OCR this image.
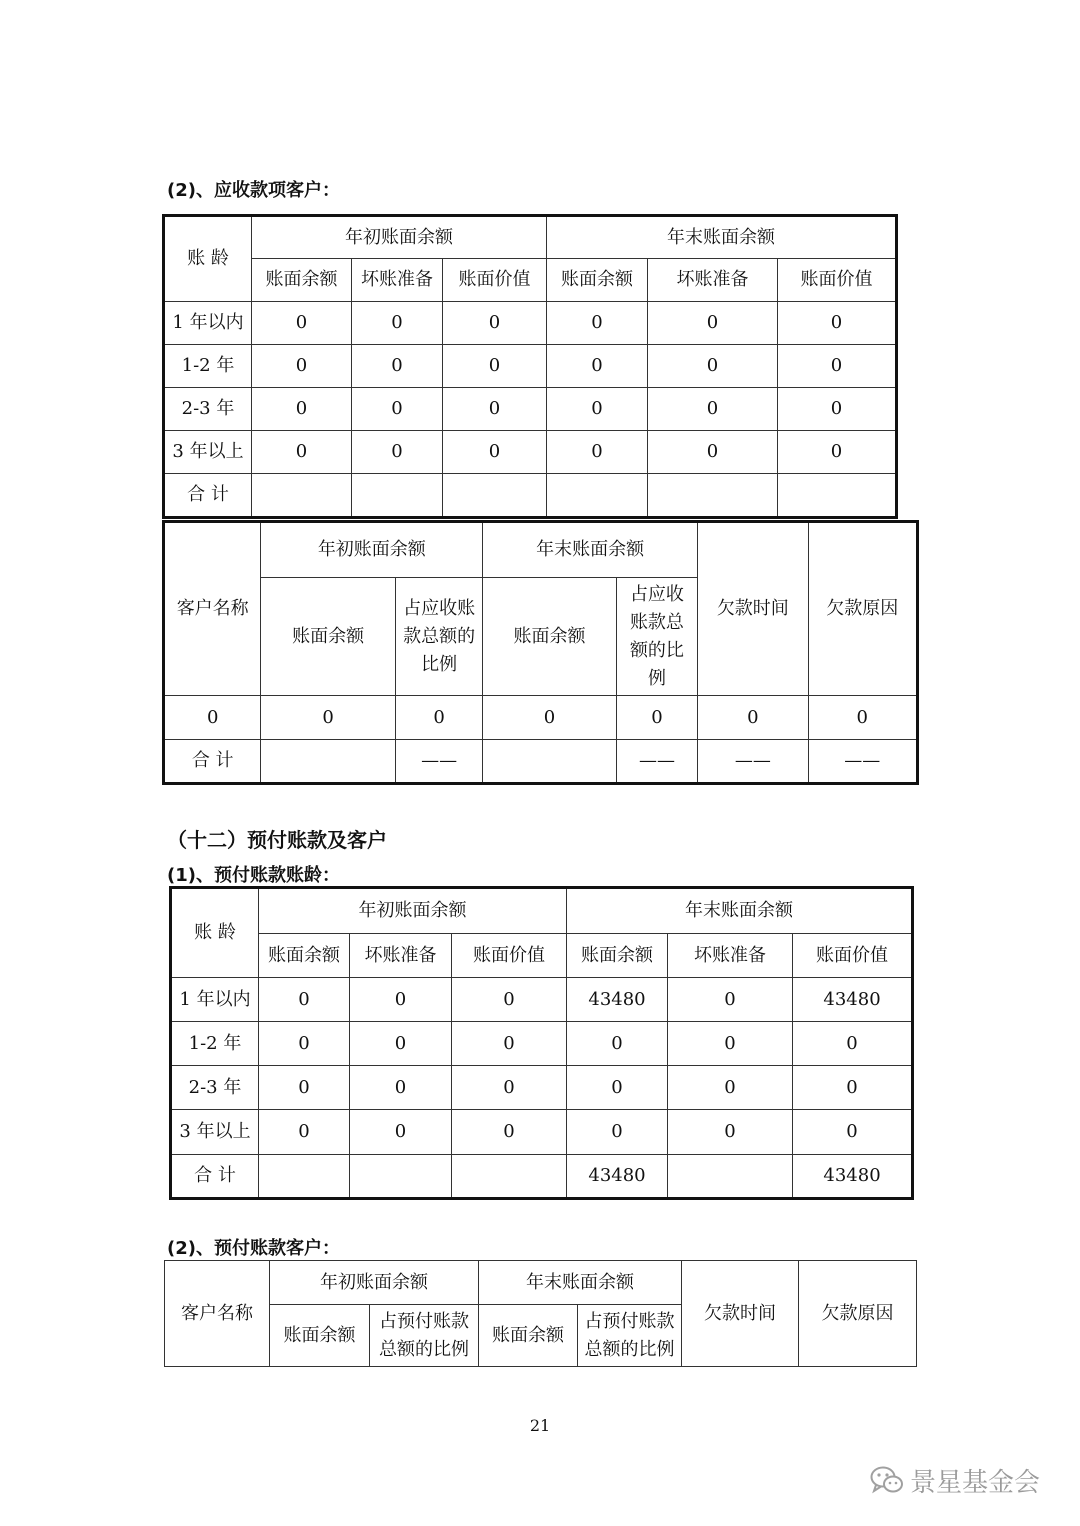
(2)、应收款项客户：
账 龄	年初账面余额			年末账面余额		
	账面余额	坏账准备	账面价值	账面余额	坏账准备	账面价值
1 年以内	0	0	0	0	0	0
1-2 年	0	0	0	0	0	0
2-3 年	0	0	0	0	0	0
3 年以上	0	0	0	0	0	0
合 计						
客户名称	年初账面余额		年末账面余额		欠款时间	欠款原因
	账面余额	占应收账款总额的比例	账面余额	占应收账款总额的比例		
0	0	0	0	0	0	0
合 计		——		——	——	——
（十二）预付账款及客户
(1)、预付账款账龄：
账 龄	年初账面余额			年末账面余额		
	账面余额	坏账准备	账面价值	账面余额	坏账准备	账面价值
1 年以内	0	0	0	43480	0	43480
1-2 年	0	0	0	0	0	0
2-3 年	0	0	0	0	0	0
3 年以上	0	0	0	0	0	0
合 计				43480		43480
(2)、预付账款客户：
客户名称	年初账面余额		年末账面余额		欠款时间	欠款原因
	账面余额	占预付账款总额的比例	账面余额	占预付账款总额的比例		
21
景星基金会
